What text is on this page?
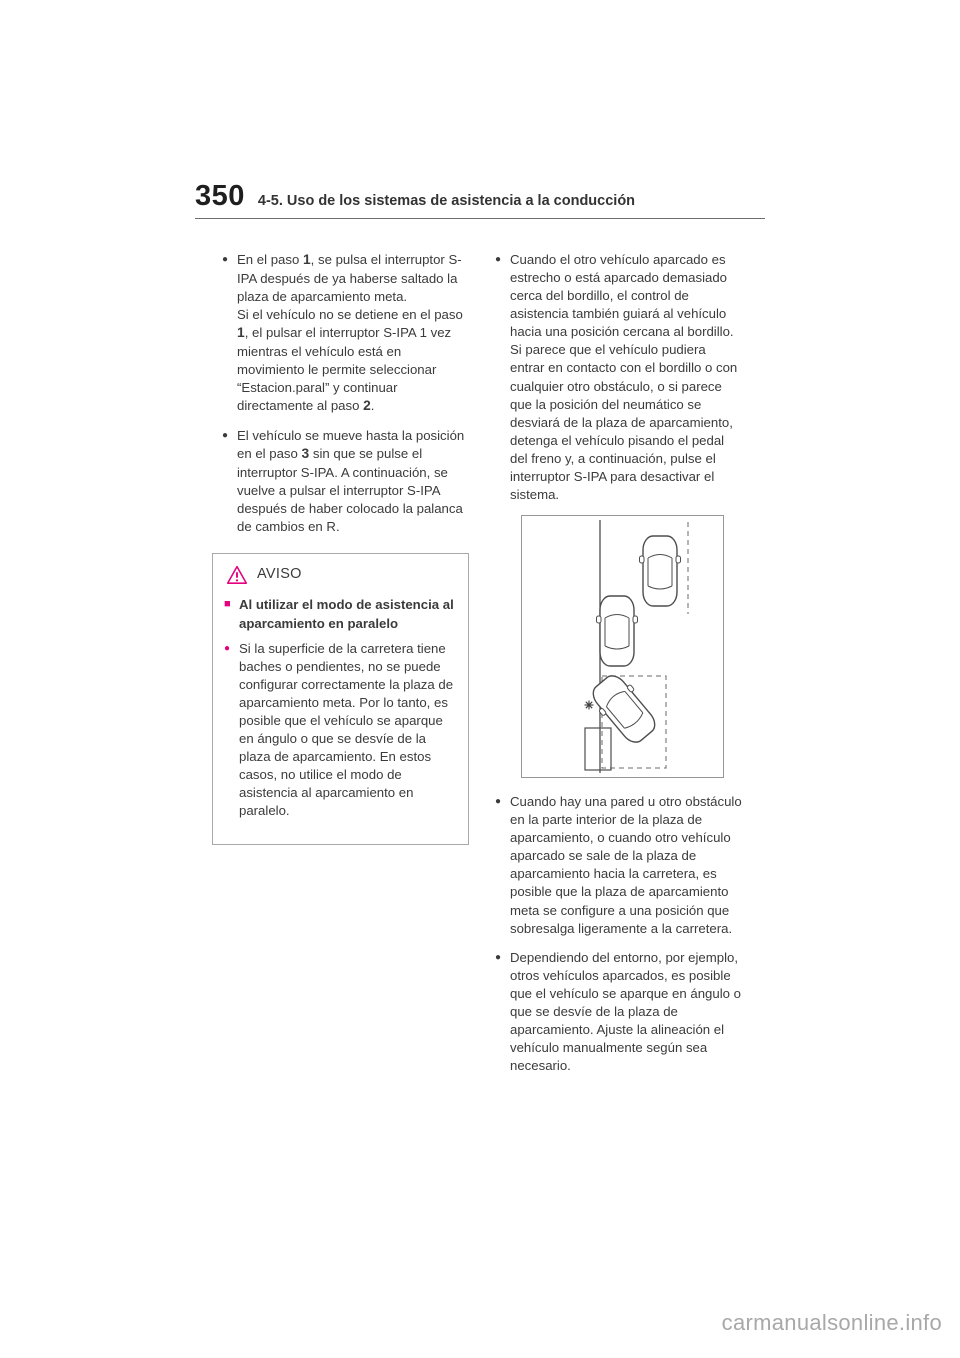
350 4-5. Uso de los sistemas de asistencia a la conducción
● En el paso 1, se pulsa el interruptor S-IPA después de ya haberse saltado la plaza de aparcamiento meta.
Si el vehículo no se detiene en el paso 1, el pulsar el interruptor S-IPA 1 vez mientras el vehículo está en movimiento le permite seleccionar “Estacion.paral” y continuar directamente al paso 2.
● El vehículo se mueve hasta la posición en el paso 3 sin que se pulse el interruptor S-IPA. A continuación, se vuelve a pulsar el interruptor S-IPA después de haber colocado la palanca de cambios en R.
AVISO
■ Al utilizar el modo de asistencia al aparcamiento en paralelo
● Si la superficie de la carretera tiene baches o pendientes, no se puede configurar correctamente la plaza de aparcamiento meta. Por lo tanto, es posible que el vehículo se aparque en ángulo o que se desvíe de la plaza de aparcamiento. En estos casos, no utilice el modo de asistencia al aparcamiento en paralelo.
● Cuando el otro vehículo aparcado es estrecho o está aparcado demasiado cerca del bordillo, el control de asistencia también guiará al vehículo hacia una posición cercana al bordillo.
Si parece que el vehículo pudiera entrar en contacto con el bordillo o con cualquier otro obstáculo, o si parece que la posición del neumático se desviará de la plaza de aparcamiento, detenga el vehículo pisando el pedal del freno y, a continuación, pulse el interruptor S-IPA para desactivar el sistema.
● Cuando hay una pared u otro obstáculo en la parte interior de la plaza de aparcamiento, o cuando otro vehículo aparcado se sale de la plaza de aparcamiento hacia la carretera, es posible que la plaza de aparcamiento meta se configure a una posición que sobresalga ligeramente a la carretera.
● Dependiendo del entorno, por ejemplo, otros vehículos aparcados, es posible que el vehículo se aparque en ángulo o que se desvíe de la plaza de aparcamiento. Ajuste la alineación el vehículo manualmente según sea necesario.
carmanualsonline.info
